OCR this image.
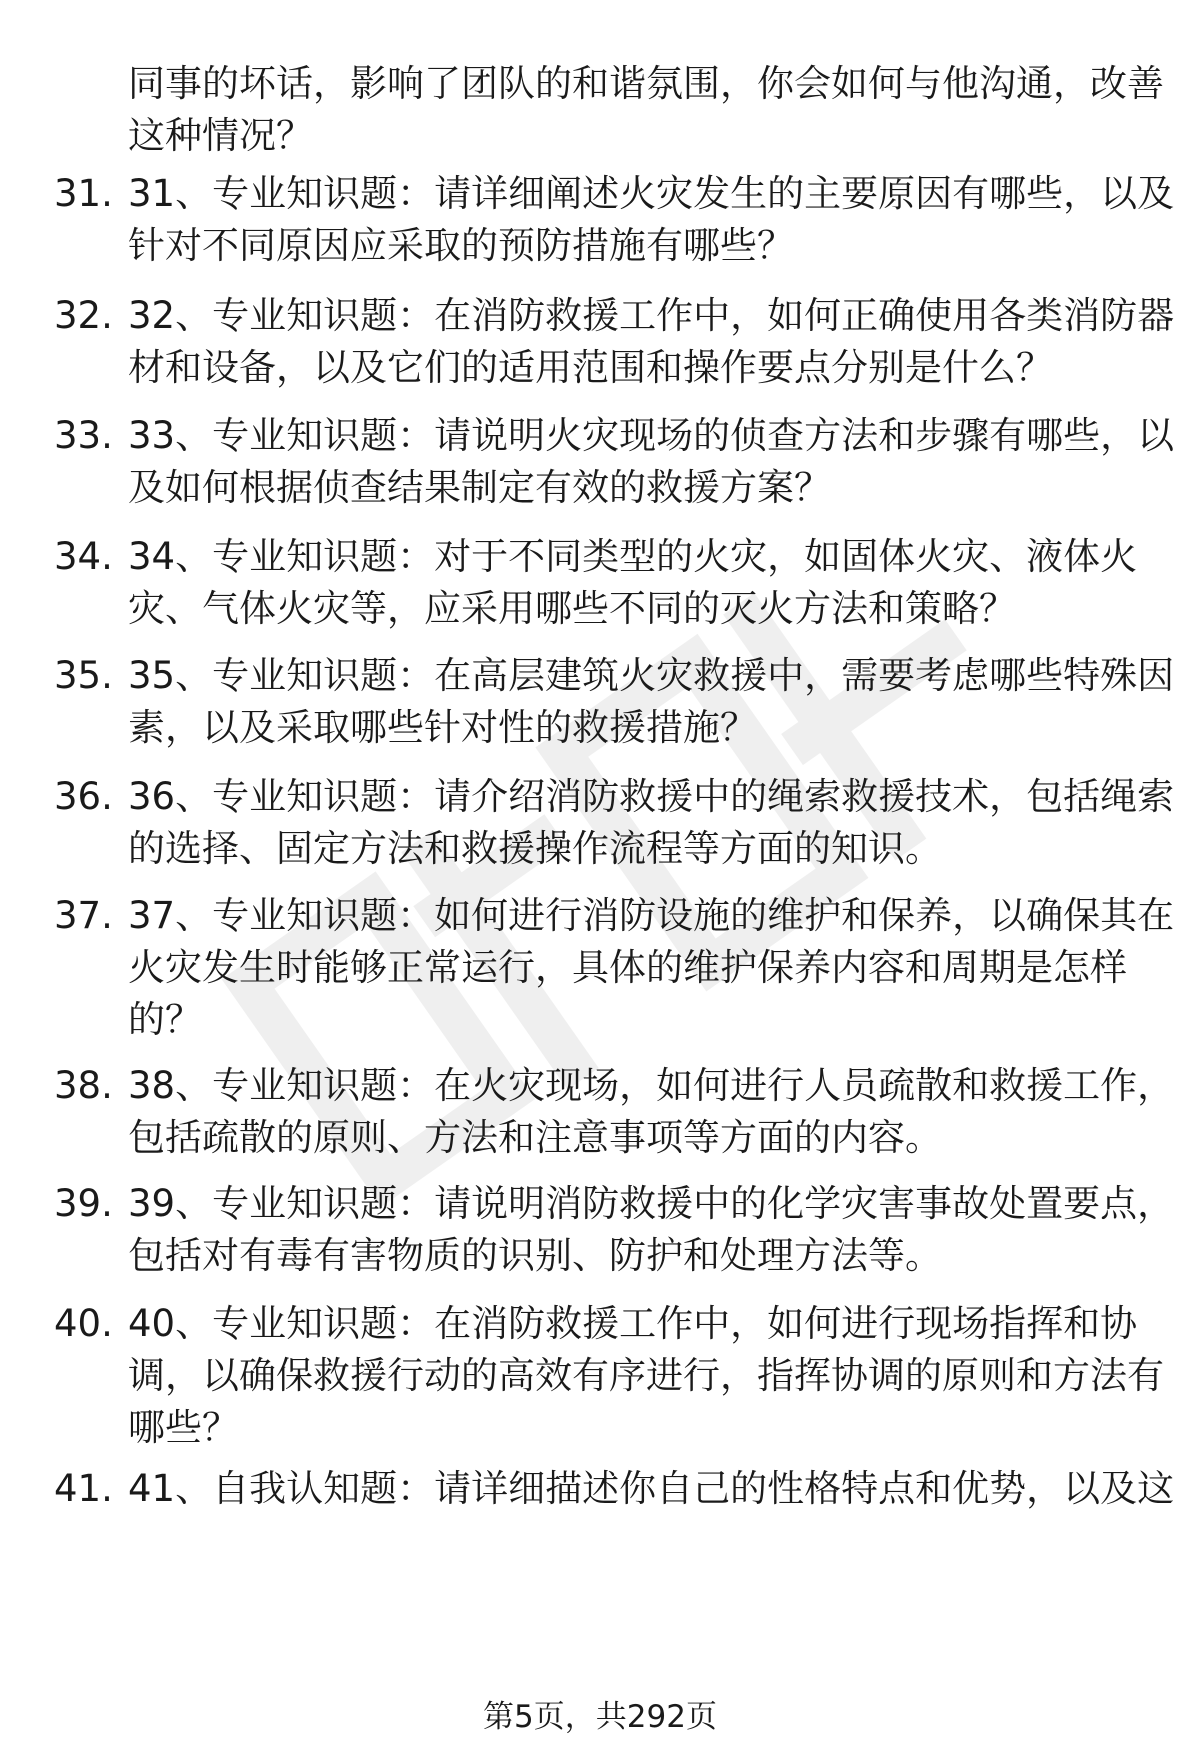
同事的坏话，影响了团队的和谐氛围，你会如何与他沟通，改善
这种情况？
31. 31、专业知识题：请详细阐述火灾发生的主要原因有哪些，以及
针对不同原因应采取的预防措施有哪些？
32. 32、专业知识题：在消防救援工作中，如何正确使用各类消防器
材和设备，以及它们的适用范围和操作要点分别是什么？
33. 33、专业知识题：请说明火灾现场的侦查方法和步骤有哪些，以
及如何根据侦查结果制定有效的救援方案？
34. 34、专业知识题：对于不同类型的火灾，如固体火灾、液体火
灾、气体火灾等，应采用哪些不同的灭火方法和策略？
35. 35、专业知识题：在高层建筑火灾救援中，需要考虑哪些特殊因
素，以及采取哪些针对性的救援措施？
36. 36、专业知识题：请介绍消防救援中的绳索救援技术，包括绳索
的选择、固定方法和救援操作流程等方面的知识。
37. 37、专业知识题：如何进行消防设施的维护和保养，以确保其在
火灾发生时能够正常运行，具体的维护保养内容和周期是怎样
的？
38. 38、专业知识题：在火灾现场，如何进行人员疏散和救援工作，
包括疏散的原则、方法和注意事项等方面的内容。
39. 39、专业知识题：请说明消防救援中的化学灾害事故处置要点，
包括对有毒有害物质的识别、防护和处理方法等。
40. 40、专业知识题：在消防救援工作中，如何进行现场指挥和协
调，以确保救援行动的高效有序进行，指挥协调的原则和方法有
哪些？
41. 41、自我认知题：请详细描述你自己的性格特点和优势，以及这
第5页，共292页
